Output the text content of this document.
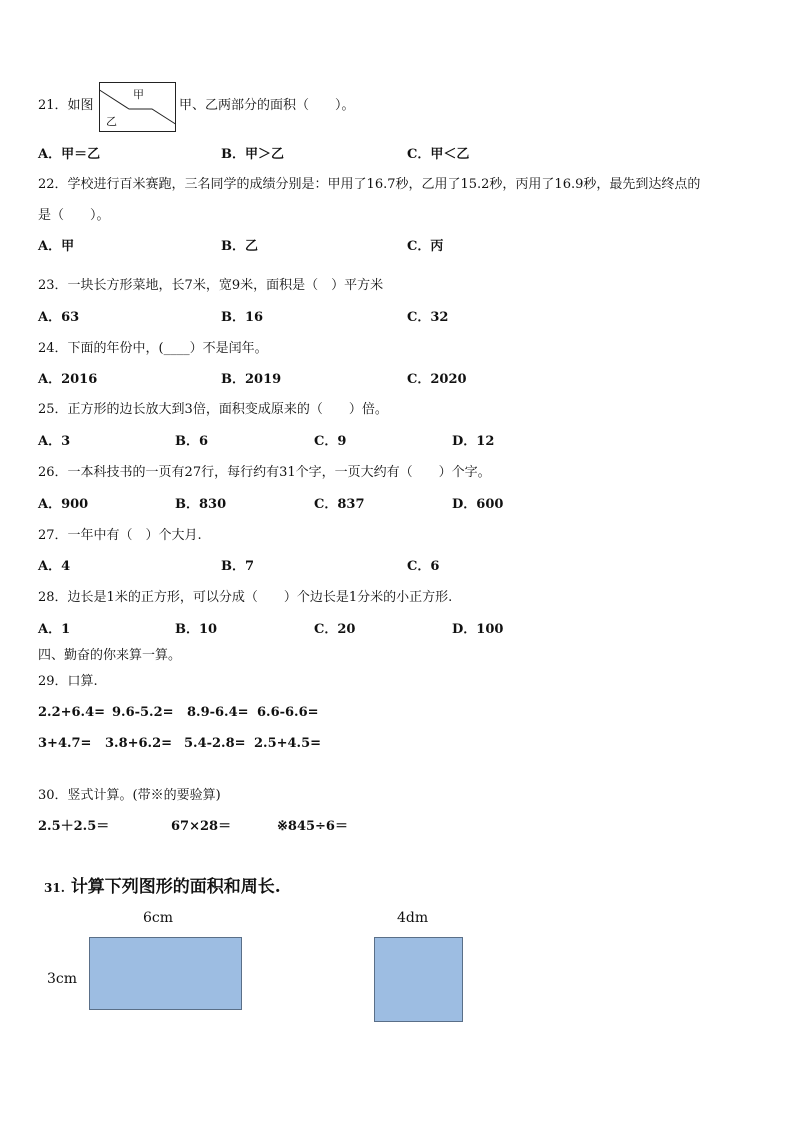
21．如图
甲
乙
甲、乙两部分的面积（　　）。
A．甲＝乙	B．甲＞乙	C．甲＜乙
22．学校进行百米赛跑，三名同学的成绩分别是：甲用了16.7秒，乙用了15.2秒，丙用了16.9秒，最先到达终点的
是（　　）。
A．甲	B．乙	C．丙
23．一块长方形菜地，长7米，宽9米，面积是（　）平方米
A．63	B．16	C．32
24．下面的年份中，(____）不是闰年。
A．2016	B．2019	C．2020
25．正方形的边长放大到3倍，面积变成原来的（　　）倍。
A．3	B．6	C．9	D．12
26．一本科技书的一页有27行，每行约有31个字，一页大约有（　　）个字。
A．900	B．830	C．837	D．600
27．一年中有（　）个大月.
A．4	B．7	C．6
28．边长是1米的正方形，可以分成（　　）个边长是1分米的小正方形.
A．1	B．10	C．20	D．100
四、勤奋的你来算一算。
29．口算.
2.2+6.4= 9.6-5.2= 8.9-6.4= 6.6-6.6=
3+4.7= 3.8+6.2= 5.4-2.8= 2.5+4.5=
30．竖式计算。(带※的要验算)
2.5＋2.5＝	67×28＝	※845÷6＝
31. 计算下列图形的面积和周长.
6cm
3cm
4dm
